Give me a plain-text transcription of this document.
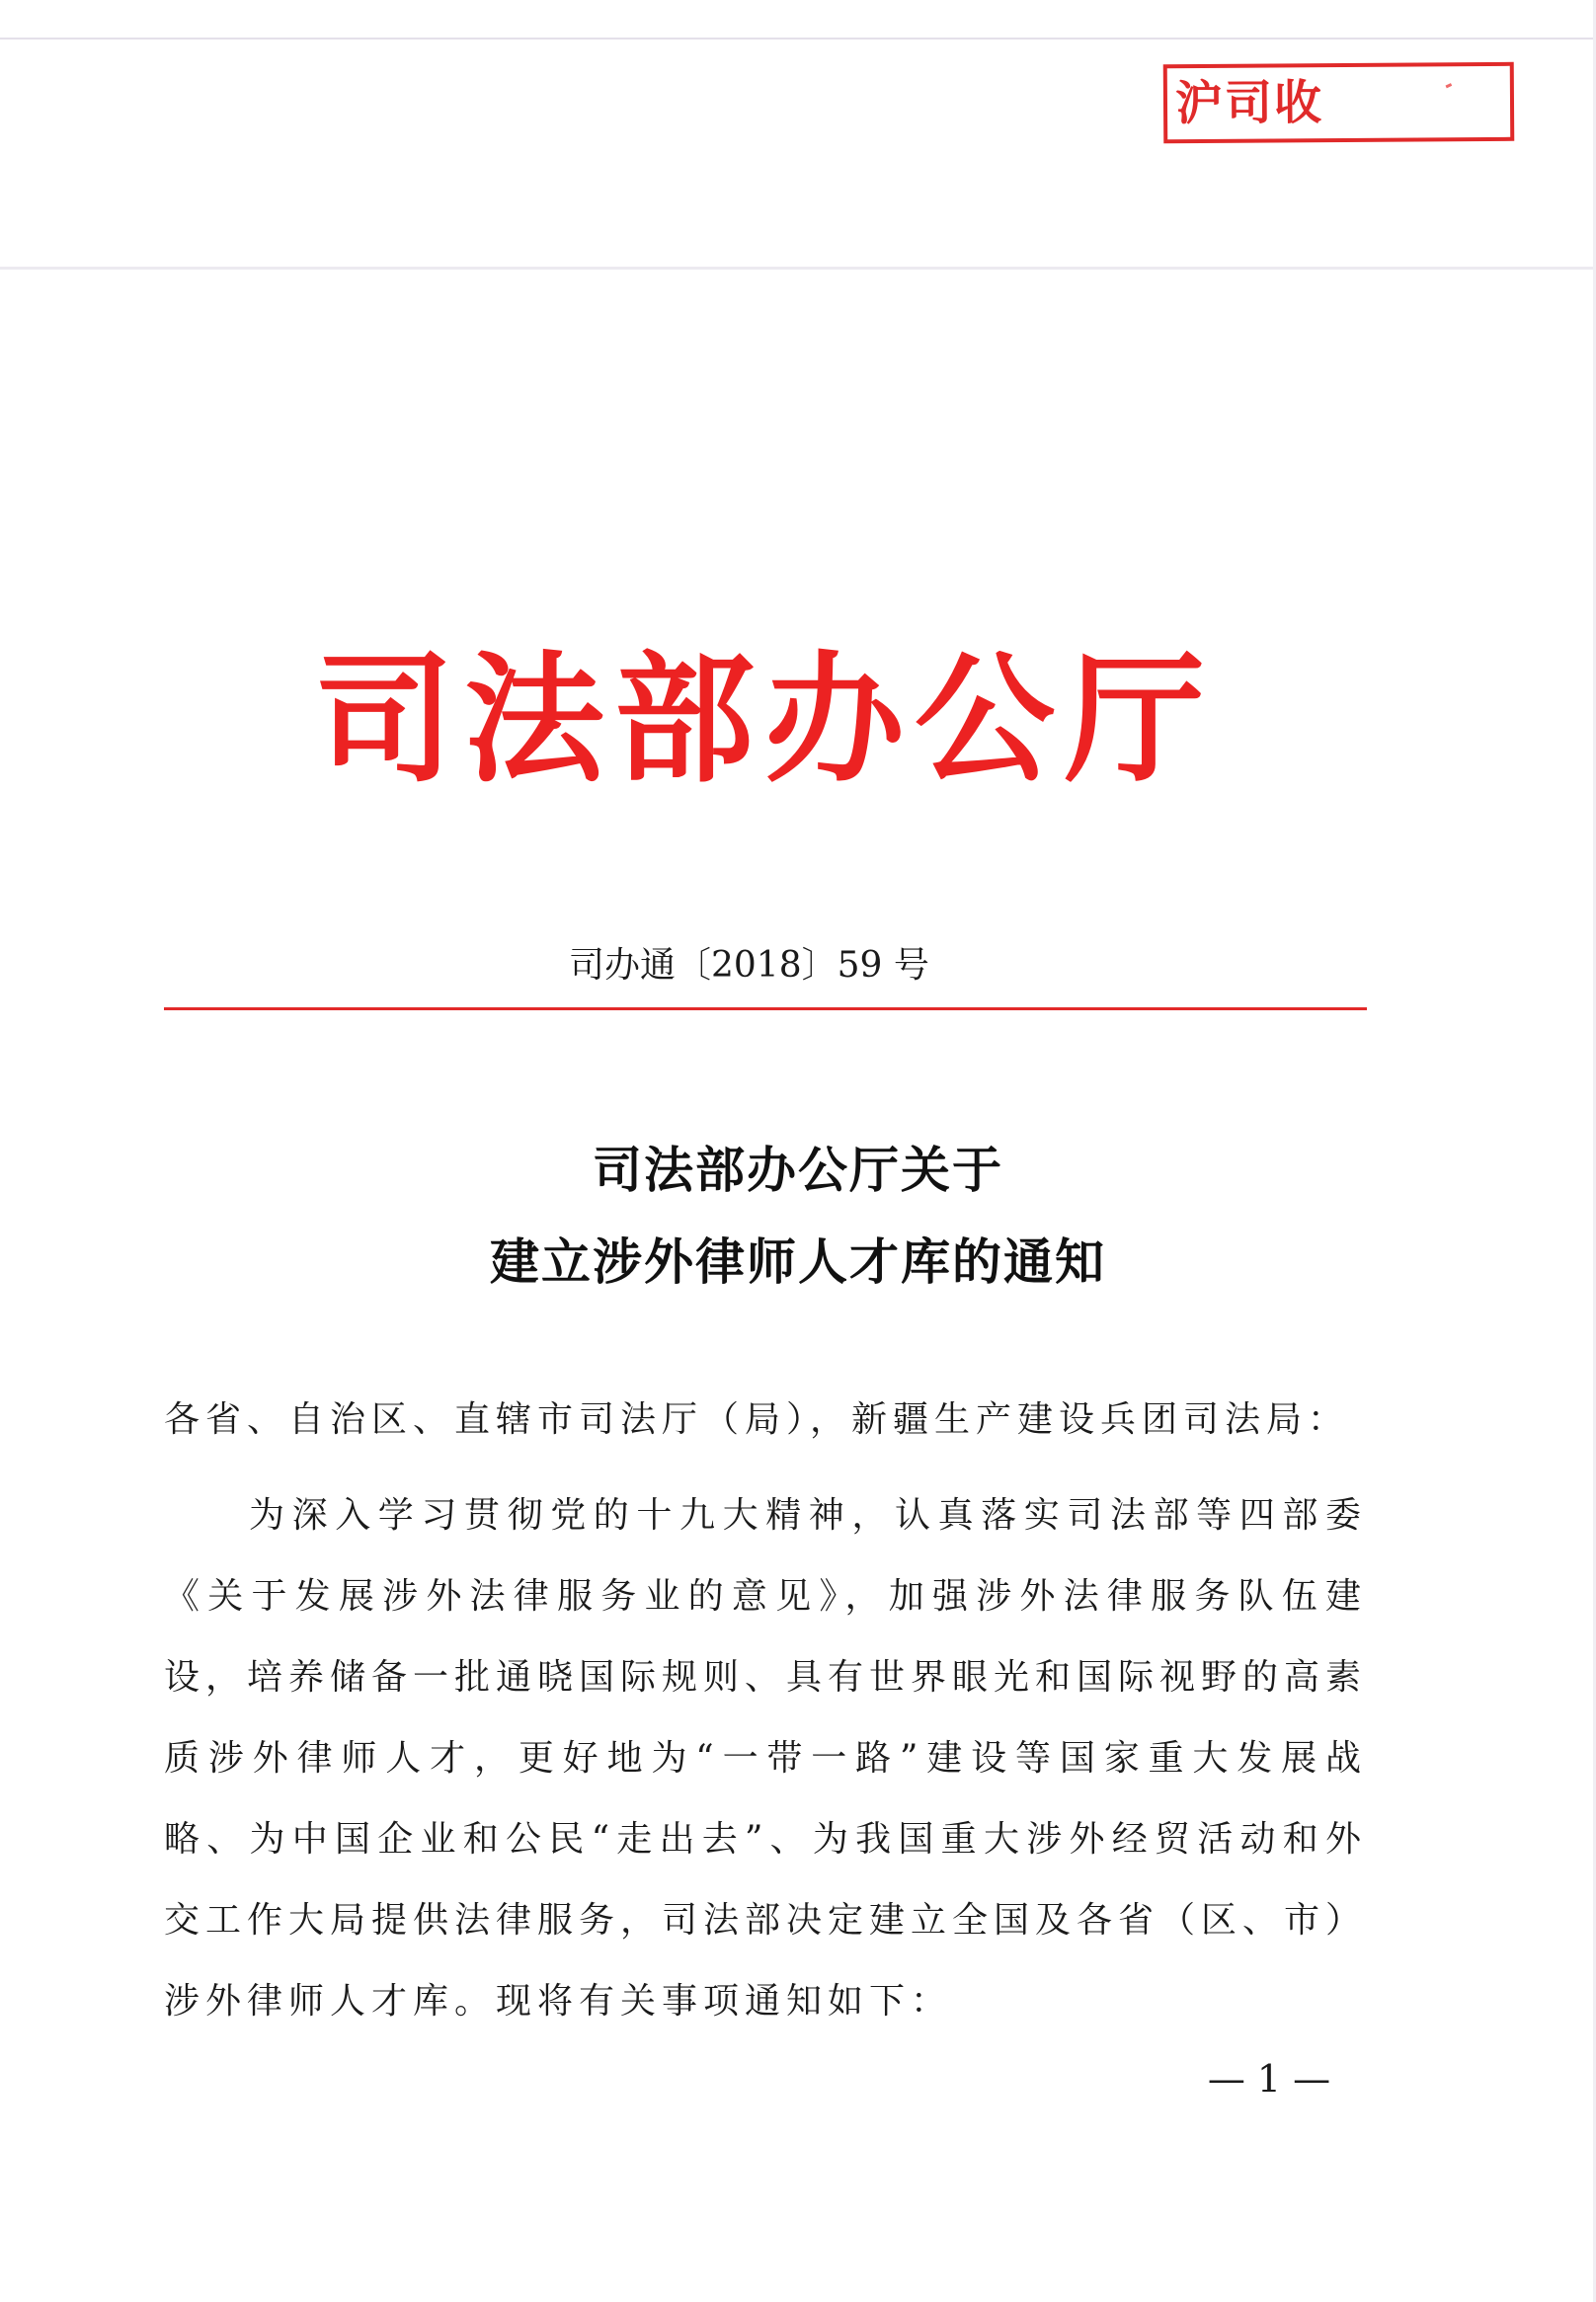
沪司收
司法部办公厅
司办通〔2018〕59 号
司法部办公厅关于
建立涉外律师人才库的通知
各省、自治区、直辖市司法厅（局），新疆生产建设兵团司法局：
为深入学习贯彻党的十九大精神，认真落实司法部等四部委《关于发展涉外法律服务业的意见》，加强涉外法律服务队伍建设，培养储备一批通晓国际规则、具有世界眼光和国际视野的高素质涉外律师人才，更好地为“一带一路”建设等国家重大发展战略、为中国企业和公民“走出去”、为我国重大涉外经贸活动和外交工作大局提供法律服务，司法部决定建立全国及各省（区、市）涉外律师人才库。现将有关事项通知如下：
— 1 —
